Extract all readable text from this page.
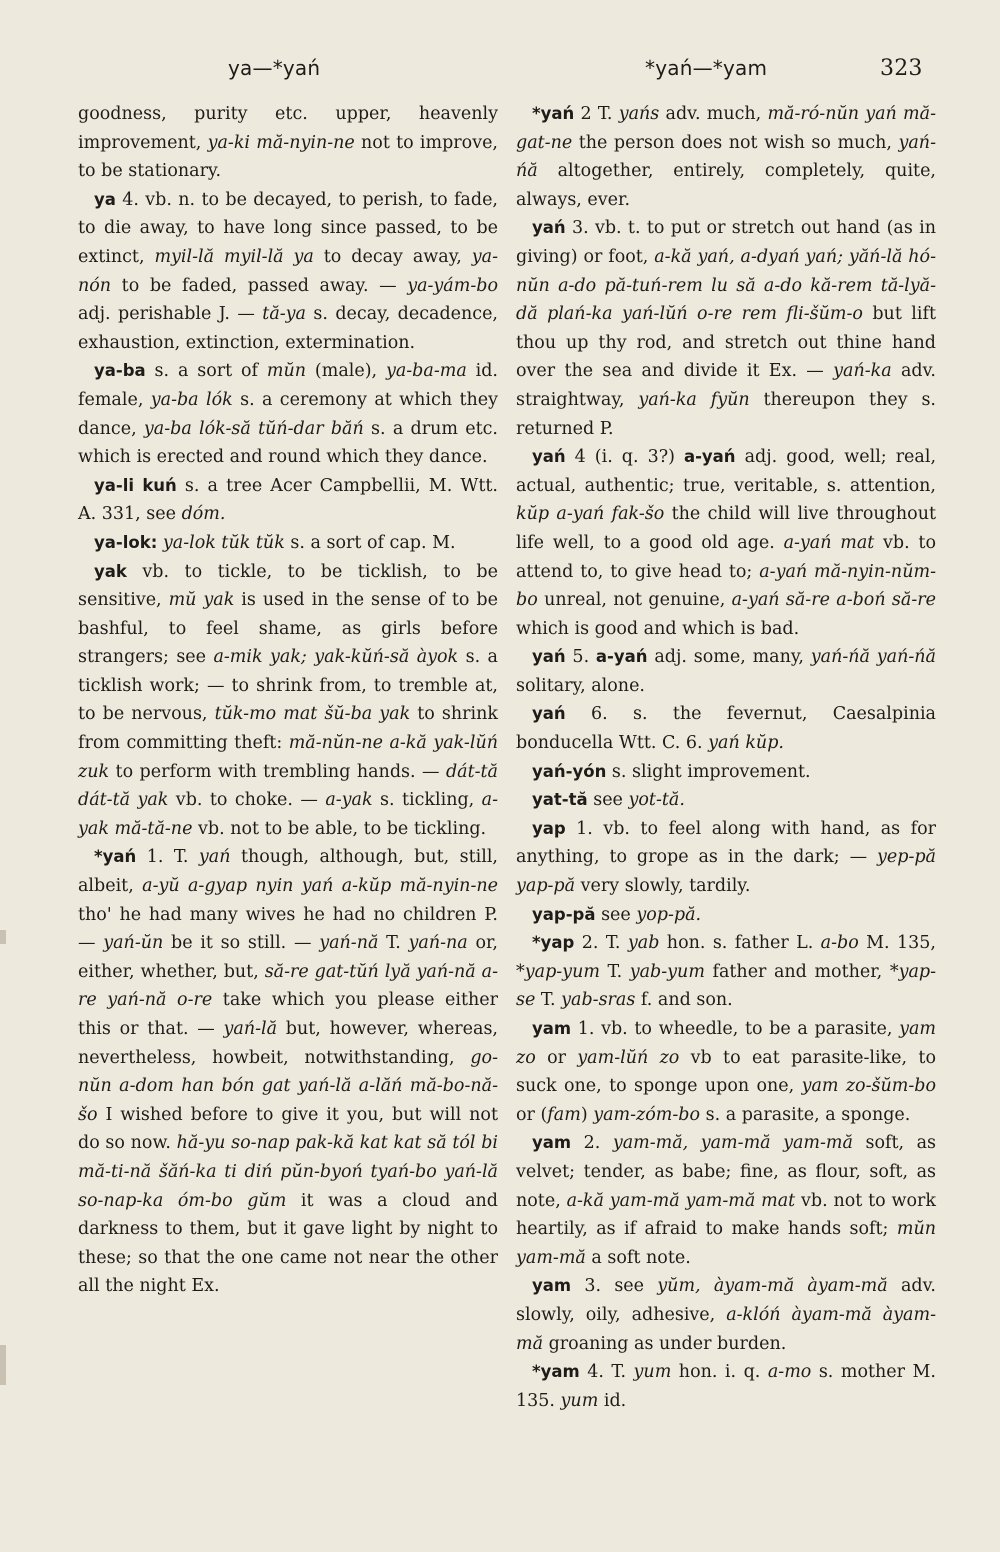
ya—*yań	*yań—*yam	323

goodness, purity etc. upper, heavenly improvement, ya-ki mă-nyin-ne not to improve, to be stationary.

ya 4. vb. n. to be decayed, to perish, to fade, to die away, to have long since passed, to be extinct, myil-lă myil-lă ya to decay away, ya-nón to be faded, passed away. — ya-yám-bo adj. perishable J. — tă-ya s. decay, decadence, exhaustion, extinction, extermination.

ya-ba s. a sort of mŭn (male), ya-ba-ma id. female, ya-ba lók s. a ceremony at which they dance, ya-ba lók-să tŭń-dar băń s. a drum etc. which is erected and round which they dance.

ya-li kuń s. a tree Acer Campbellii, M. Wtt. A. 331, see dóm.

ya-lok: ya-lok tŭk tŭk s. a sort of cap. M.

yak vb. to tickle, to be ticklish, to be sensitive, mŭ yak is used in the sense of to be bashful, to feel shame, as girls before strangers; see a-mik yak; yak-kŭń-să àyok s. a ticklish work; — to shrink from, to tremble at, to be nervous, tŭk-mo mat šŭ-ba yak to shrink from committing theft: mă-nŭn-ne a-kă yak-lŭń zuk to perform with trembling hands. — dát-tă dát-tă yak vb. to choke. — a-yak s. tickling, a-yak mă-tă-ne vb. not to be able, to be tickling.

*yań 1. T. yań though, although, but, still, albeit, a-yŭ a-gyap nyin yań a-kŭp mă-nyin-ne tho' he had many wives he had no children P. — yań-ŭn be it so still. — yań-nă T. yań-na or, either, whether, but, să-re gat-tŭń lyă yań-nă a-re yań-nă o-re take which you please either this or that. — yań-lă but, however, whereas, nevertheless, howbeit, notwithstanding, go-nŭn a-dom han bón gat yań-lă a-lăń mă-bo-nă-šo I wished before to give it you, but will not do so now. hă-yu so-nap pak-kă kat kat să tól bi mă-ti-nă šăń-ka ti diń pŭn-byoń tyań-bo yań-lă so-nap-ka óm-bo gŭm it was a cloud and darkness to them, but it gave light by night to these; so that the one came not near the other all the night Ex.

*yań 2 T. yańs adv. much, mă-ró-nŭn yań mă-gat-ne the person does not wish so much, yań-ńă altogether, entirely, completely, quite, always, ever.

yań 3. vb. t. to put or stretch out hand (as in giving) or foot, a-kă yań, a-dyań yań; yăń-lă hó-nŭn a-do pă-tuń-rem lu să a-do kă-rem tă-lyă-dă plań-ka yań-lŭń o-re rem fli-šŭm-o but lift thou up thy rod, and stretch out thine hand over the sea and divide it Ex. — yań-ka adv. straightway, yań-ka fyŭn thereupon they s. returned P.

yań 4 (i. q. 3?) a-yań adj. good, well; real, actual, authentic; true, veritable, s. attention, kŭp a-yań fak-šo the child will live throughout life well, to a good old age. a-yań mat vb. to attend to, to give head to; a-yań mă-nyin-nŭm-bo unreal, not genuine, a-yań să-re a-boń să-re which is good and which is bad.

yań 5. a-yań adj. some, many, yań-ńă yań-ńă solitary, alone.

yań 6. s. the fevernut, Caesalpinia bonducella Wtt. C. 6. yań kŭp.

yań-yón s. slight improvement.

yat-tă see yot-tă.

yap 1. vb. to feel along with hand, as for anything, to grope as in the dark; — yep-pă yap-pă very slowly, tardily.

yap-pă see yop-pă.

*yap 2. T. yab hon. s. father L. a-bo M. 135, *yap-yum T. yab-yum father and mother, *yap-se T. yab-sras f. and son.

yam 1. vb. to wheedle, to be a parasite, yam zo or yam-lŭń zo vb to eat parasite-like, to suck one, to sponge upon one, yam zo-šŭm-bo or (fam) yam-zóm-bo s. a parasite, a sponge.

yam 2. yam-mă, yam-mă yam-mă soft, as velvet; tender, as babe; fine, as flour, soft, as note, a-kă yam-mă yam-mă mat vb. not to work heartily, as if afraid to make hands soft; mŭn yam-mă a soft note.

yam 3. see yŭm, àyam-mă àyam-mă adv. slowly, oily, adhesive, a-klóń àyam-mă àyam-mă groaning as under burden.

*yam 4. T. yum hon. i. q. a-mo s. mother M. 135. yum id.
